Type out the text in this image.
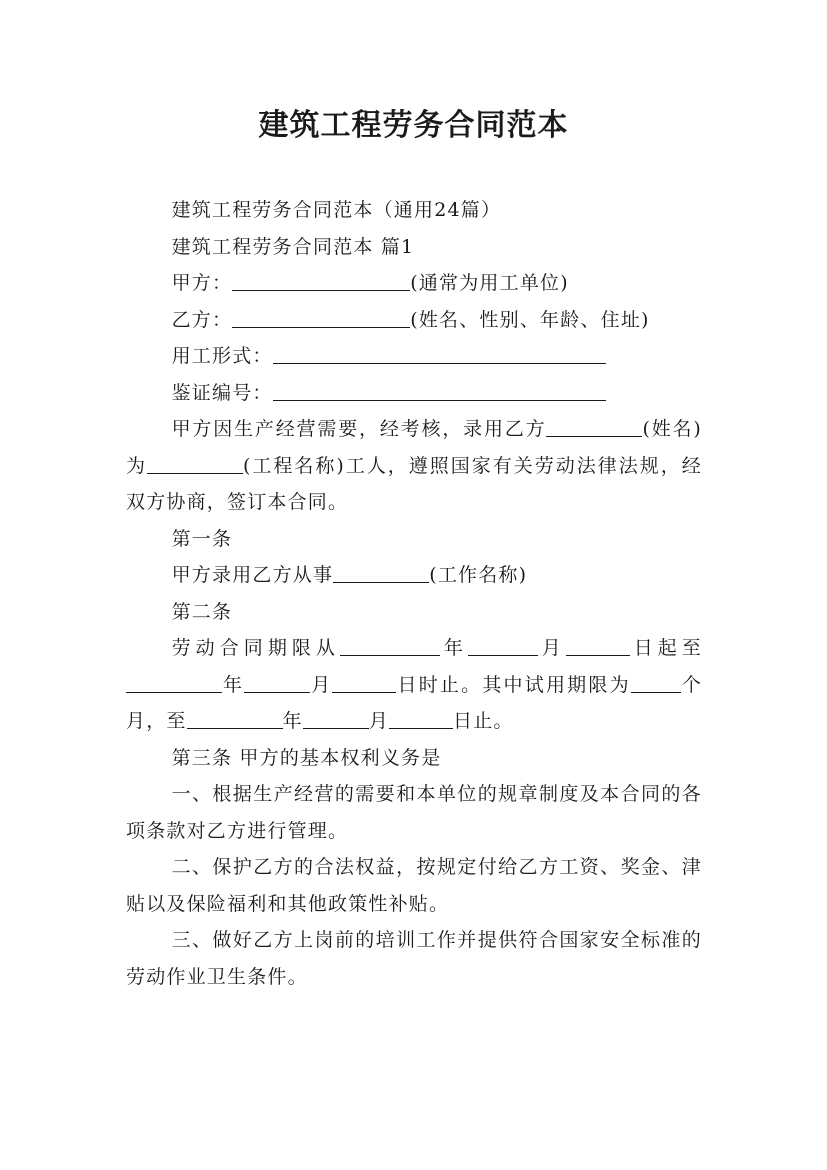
建筑工程劳务合同范本

建筑工程劳务合同范本（通用24篇）

建筑工程劳务合同范本 篇1

甲方：	(通常为用工单位)

乙方：	(姓名、性别、年龄、住址)

用工形式：

鉴证编号：

甲方因生产经营需要，经考核，录用乙方	(姓名)为	(工程名称)工人，遵照国家有关劳动法律法规，经双方协商，签订本合同。

第一条

甲方录用乙方从事	(工作名称)

第二条

劳动合同期限从	年	月	日起至年	月	日时止。其中试用期限为	个月，至	年	月	日止。

第三条 甲方的基本权利义务是

一、根据生产经营的需要和本单位的规章制度及本合同的各项条款对乙方进行管理。

二、保护乙方的合法权益，按规定付给乙方工资、奖金、津贴以及保险福利和其他政策性补贴。

三、做好乙方上岗前的培训工作并提供符合国家安全标准的劳动作业卫生条件。
